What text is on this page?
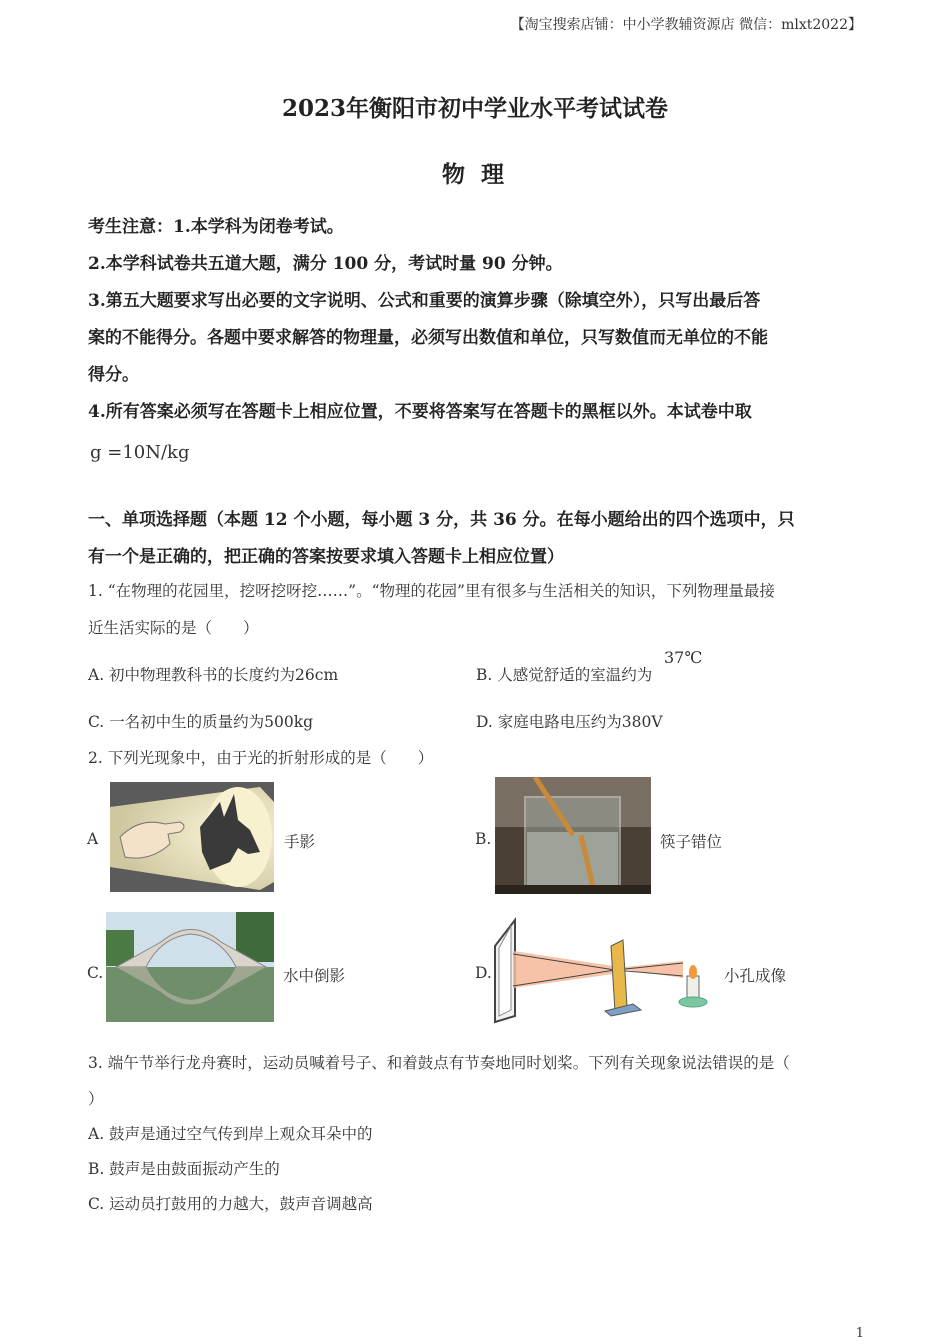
【淘宝搜索店铺：中小学教辅资源店 微信：mlxt2022】
2023年衡阳市初中学业水平考试试卷
物 理
考生注意：1.本学科为闭卷考试。
2.本学科试卷共五道大题，满分 100 分，考试时量 90 分钟。
3.第五大题要求写出必要的文字说明、公式和重要的演算步骤（除填空外），只写出最后答
案的不能得分。各题中要求解答的物理量，必须写出数值和单位，只写数值而无单位的不能
得分。
4.所有答案必须写在答题卡上相应位置，不要将答案写在答题卡的黑框以外。本试卷中取
g =10N/kg
一、单项选择题（本题 12 个小题，每小题 3 分，共 36 分。在每小题给出的四个选项中，只
有一个是正确的，把正确的答案按要求填入答题卡上相应位置）
1. “在物理的花园里，挖呀挖呀挖……”。“物理的花园”里有很多与生活相关的知识，下列物理量最接
近生活实际的是（　　）
A. 初中物理教科书的长度约为26cm	B. 人感觉舒适的室温约为
37℃
C. 一名初中生的质量约为500kg	D. 家庭电路电压约为380V
2. 下列光现象中，由于光的折射形成的是（　　）
A	手影	B.	筷子错位
C.	水中倒影	D.	小孔成像
3. 端午节举行龙舟赛时，运动员喊着号子、和着鼓点有节奏地同时划桨。下列有关现象说法错误的是（
）
A. 鼓声是通过空气传到岸上观众耳朵中的
B. 鼓声是由鼓面振动产生的
C. 运动员打鼓用的力越大，鼓声音调越高
1
